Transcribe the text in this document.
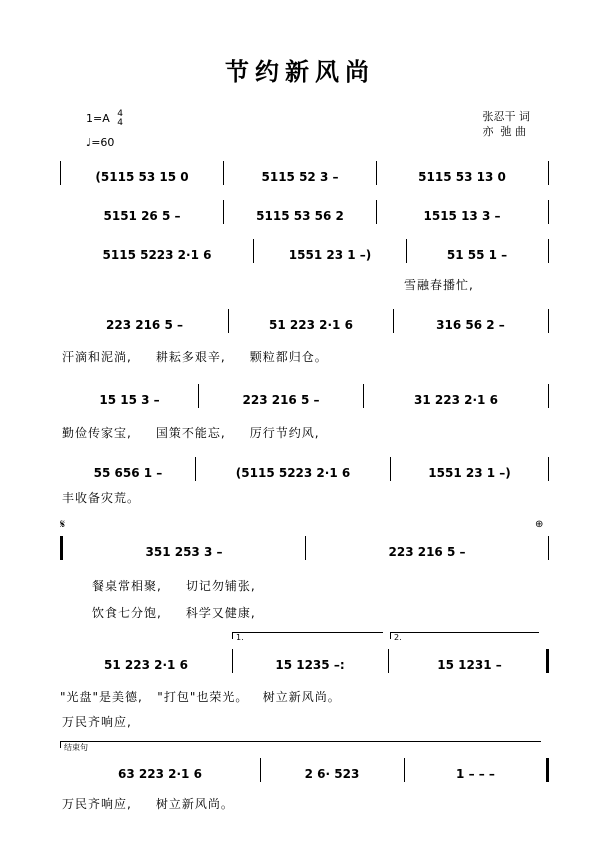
节约新风尚
1=A 4
4
♩=60
张忍干 词
亦  弛 曲
(5115 53 15 0	5115 52 3 –	5115 53 13 0
5151 26 5 –	5115 53 56 2	1515 13 3 –
5115 5223 2·1 6	1551 23 1 –)	51 55 1 –
雪融春播忙,
223 216 5 –	51 223 2·1 6	316 56 2 –
汗滴和泥淌,     耕耘多艰辛,     颗粒都归仓。
15 15 3 –	223 216 5 –	31 223 2·1 6
勤俭传家宝,     国策不能忘,     厉行节约风,
55 656 1 –	(5115 5223 2·1 6	1551 23 1 –)
丰收备灾荒。
𝄋	⊕
351 253 3 –	223 216 5 –
餐桌常相聚,     切记勿铺张,
饮食七分饱,     科学又健康,
1.	2.
51 223 2·1 6	15 1235 –:	15 1231 –
"光盘"是美德,   "打包"也荣光。   树立新风尚。
万民齐响应,
结束句
63 223 2·1 6	2 6· 523	1 – – –
万民齐响应,     树立新风尚。
